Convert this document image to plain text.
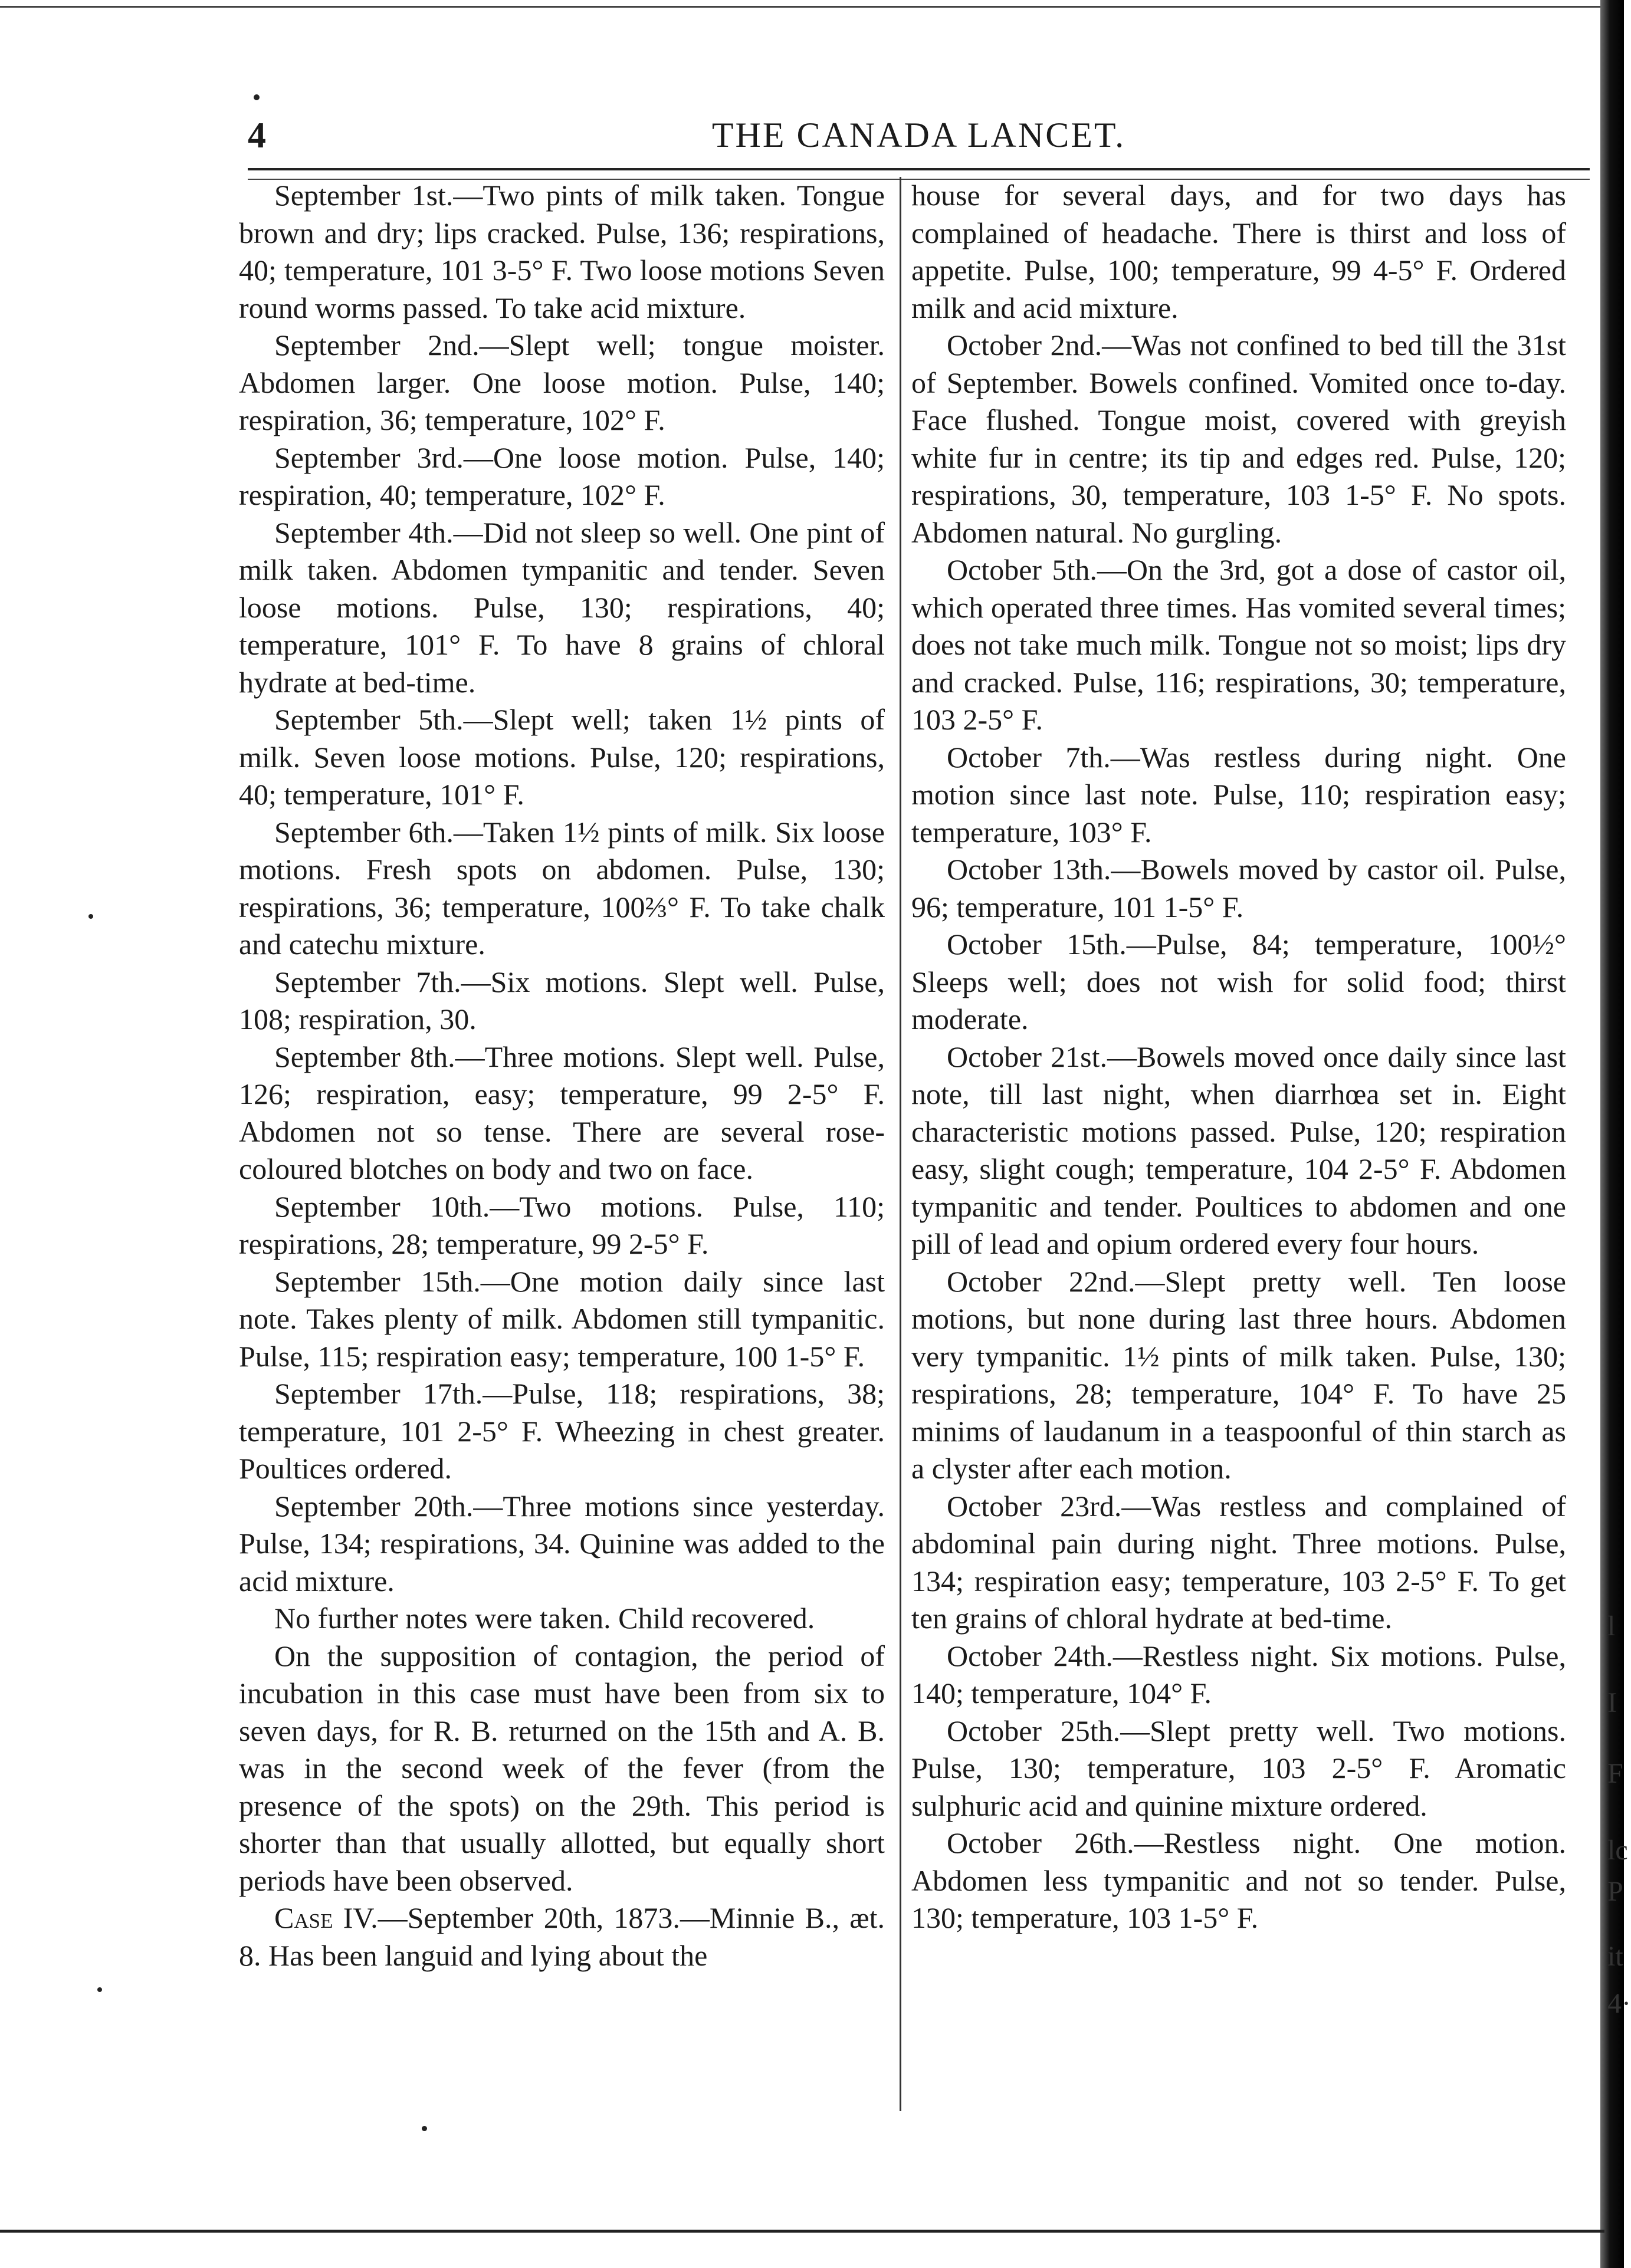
4	THE CANADA LANCET.

September 1st.—Two pints of milk taken. Tongue brown and dry; lips cracked. Pulse, 136; respirations, 40; temperature, 101 3-5° F. Two loose motions Seven round worms passed. To take acid mixture.

September 2nd.—Slept well; tongue moister. Abdomen larger. One loose motion. Pulse, 140; respiration, 36; temperature, 102° F.

September 3rd.—One loose motion. Pulse, 140; respiration, 40; temperature, 102° F.

September 4th.—Did not sleep so well. One pint of milk taken. Abdomen tympanitic and tender. Seven loose motions. Pulse, 130; respirations, 40; temperature, 101° F. To have 8 grains of chloral hydrate at bed-time.

September 5th.—Slept well; taken 1½ pints of milk. Seven loose motions. Pulse, 120; respirations, 40; temperature, 101° F.

September 6th.—Taken 1½ pints of milk. Six loose motions. Fresh spots on abdomen. Pulse, 130; respirations, 36; temperature, 100⅔° F. To take chalk and catechu mixture.

September 7th.—Six motions. Slept well. Pulse, 108; respiration, 30.

September 8th.—Three motions. Slept well. Pulse, 126; respiration, easy; temperature, 99 2-5° F. Abdomen not so tense. There are several rose-coloured blotches on body and two on face.

September 10th.—Two motions. Pulse, 110; respirations, 28; temperature, 99 2-5° F.

September 15th.—One motion daily since last note. Takes plenty of milk. Abdomen still tympanitic. Pulse, 115; respiration easy; temperature, 100 1-5° F.

September 17th.—Pulse, 118; respirations, 38; temperature, 101 2-5° F. Wheezing in chest greater. Poultices ordered.

September 20th.—Three motions since yesterday. Pulse, 134; respirations, 34. Quinine was added to the acid mixture.

No further notes were taken. Child recovered.

On the supposition of contagion, the period of incubation in this case must have been from six to seven days, for R. B. returned on the 15th and A. B. was in the second week of the fever (from the presence of the spots) on the 29th. This period is shorter than that usually allotted, but equally short periods have been observed.

Case IV.—September 20th, 1873.—Minnie B., æt. 8. Has been languid and lying about the

house for several days, and for two days has complained of headache. There is thirst and loss of appetite. Pulse, 100; temperature, 99 4-5° F. Ordered milk and acid mixture.

October 2nd.—Was not confined to bed till the 31st of September. Bowels confined. Vomited once to-day. Face flushed. Tongue moist, covered with greyish white fur in centre; its tip and edges red. Pulse, 120; respirations, 30, temperature, 103 1-5° F. No spots. Abdomen natural. No gurgling.

October 5th.—On the 3rd, got a dose of castor oil, which operated three times. Has vomited several times; does not take much milk. Tongue not so moist; lips dry and cracked. Pulse, 116; respirations, 30; temperature, 103 2-5° F.

October 7th.—Was restless during night. One motion since last note. Pulse, 110; respiration easy; temperature, 103° F.

October 13th.—Bowels moved by castor oil. Pulse, 96; temperature, 101 1-5° F.

October 15th.—Pulse, 84; temperature, 100½° Sleeps well; does not wish for solid food; thirst moderate.

October 21st.—Bowels moved once daily since last note, till last night, when diarrhœa set in. Eight characteristic motions passed. Pulse, 120; respiration easy, slight cough; temperature, 104 2-5° F. Abdomen tympanitic and tender. Poultices to abdomen and one pill of lead and opium ordered every four hours.

October 22nd.—Slept pretty well. Ten loose motions, but none during last three hours. Abdomen very tympanitic. 1½ pints of milk taken. Pulse, 130; respirations, 28; temperature, 104° F. To have 25 minims of laudanum in a teaspoonful of thin starch as a clyster after each motion.

October 23rd.—Was restless and complained of abdominal pain during night. Three motions. Pulse, 134; respiration easy; temperature, 103 2-5° F. To get ten grains of chloral hydrate at bed-time.

October 24th.—Restless night. Six motions. Pulse, 140; temperature, 104° F.

October 25th.—Slept pretty well. Two motions. Pulse, 130; temperature, 103 2-5° F. Aromatic sulphuric acid and quinine mixture ordered.

October 26th.—Restless night. One motion. Abdomen less tympanitic and not so tender. Pulse, 130; temperature, 103 1-5° F.

l
I
F
lc
P
it
4·
